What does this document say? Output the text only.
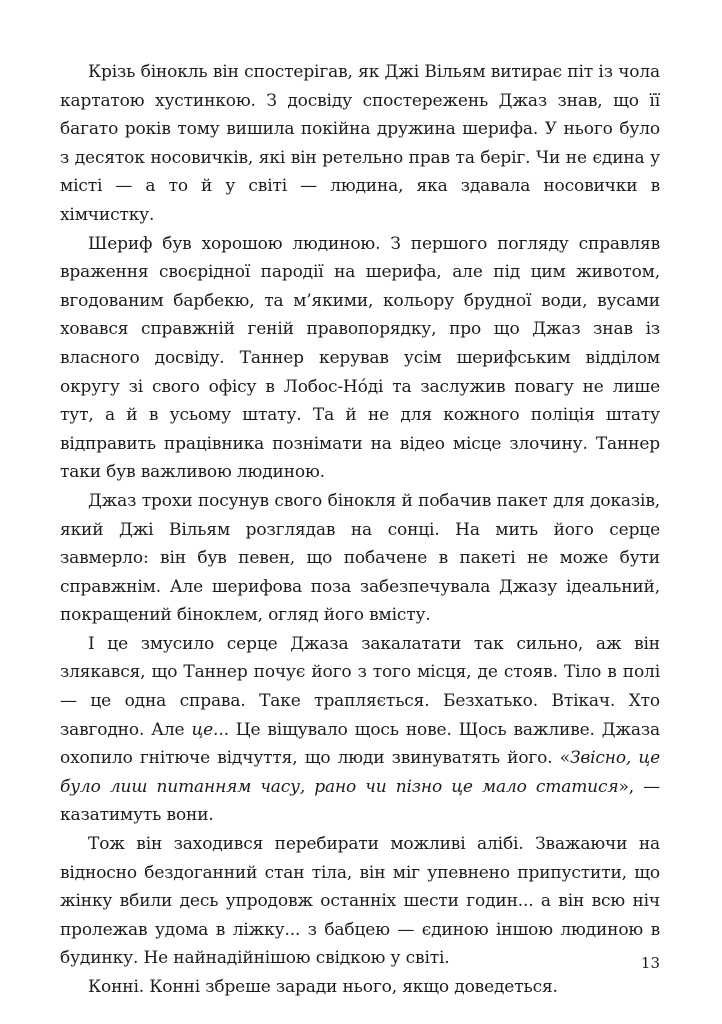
Крізь бінокль він спостерігав, як Джі Вільям витирає піт із чола картатою хустинкою. З досвіду спостережень Джаз знав, що її багато років тому вишила покійна дружина шерифа. У нього було з десяток носовичків, які він ретельно прав та беріг. Чи не єдина у місті — а то й у світі — людина, яка здавала носовички в хімчистку.

Шериф був хорошою людиною. З першого погляду справляв враження своєрідної пародії на шерифа, але під цим животом, вгодованим барбекю, та м’якими, кольору брудної води, вусами ховався справжній геній правопорядку, про що Джаз знав із власного досвіду. Таннер керував усім шерифським відділом округу зі свого офісу в Лобос-Нόді та заслужив повагу не лише тут, а й в усьому штату. Та й не для кожного поліція штату відправить працівника познімати на відео місце злочину. Таннер таки був важливою людиною.

Джаз трохи посунув свого бінокля й побачив пакет для доказів, який Джі Вільям розглядав на сонці. На мить його серце завмерло: він був певен, що побачене в пакеті не може бути справжнім. Але шерифова поза забезпечувала Джазу ідеальний, покращений біноклем, огляд його вмісту.

І це змусило серце Джаза закалатати так сильно, аж він злякався, що Таннер почує його з того місця, де стояв. Тіло в полі — це одна справа. Таке трапляється. Безхатько. Втікач. Хто завгодно. Але це... Це віщувало щось нове. Щось важливе. Джаза охопило гнітюче відчуття, що люди звинуватять його. «Звісно, це було лиш питанням часу, рано чи пізно це мало статися», — казатимуть вони.

Тож він заходився перебирати можливі алібі. Зважаючи на відносно бездоганний стан тіла, він міг упевнено припустити, що жінку вбили десь упродовж останніх шести годин... а він всю ніч пролежав удома в ліжку... з бабцею — єдиною іншою людиною в будинку. Не найнадійнішою свідкою у світі.

Конні. Конні збреше заради нього, якщо доведеться.

13
